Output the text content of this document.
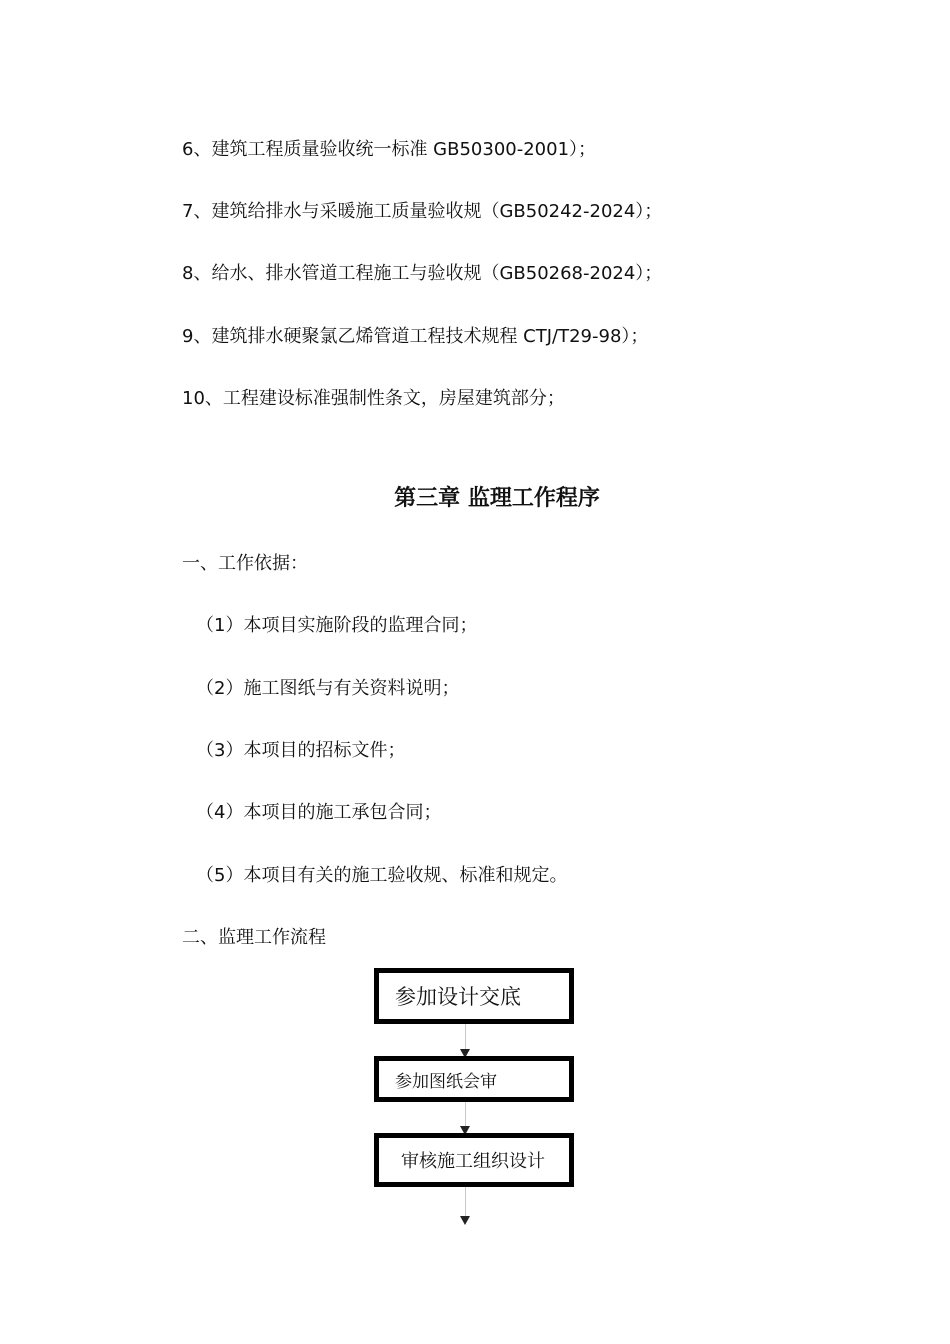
6、建筑工程质量验收统一标准 GB50300-2001）；
7、建筑给排水与采暖施工质量验收规（GB50242-2024）；
8、给水、排水管道工程施工与验收规（GB50268-2024）；
9、建筑排水硬聚氯乙烯管道工程技术规程 CTJ/T29-98）；
10、工程建设标准强制性条文，房屋建筑部分；
第三章 监理工作程序
一、工作依据：
（1）本项目实施阶段的监理合同；
（2）施工图纸与有关资料说明；
（3）本项目的招标文件；
（4）本项目的施工承包合同；
（5）本项目有关的施工验收规、标准和规定。
二、监理工作流程
参加设计交底
参加图纸会审
审核施工组织设计
